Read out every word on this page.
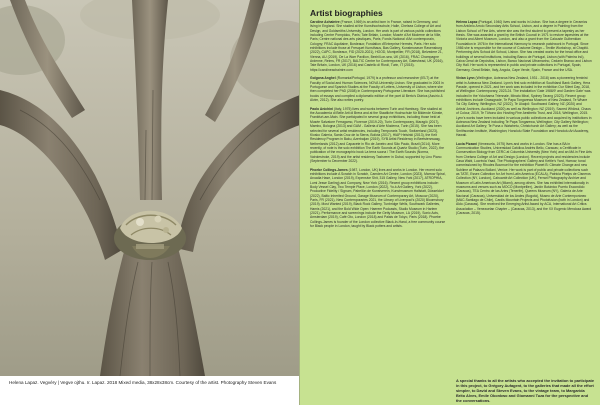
Helena Lapaz. Vegvéry | Vegve ojthu. Ir. Lapaz. 2018 Mixed media, 38x28x38cm. Courtesy of the artist. Photography Steven Evans
Artist biographies

Caroline Achaintre (France, 1969) is an artist born in France, raised in Germany, and living in England. She studied at the Kunsthochschule, Halle, Chelsea College of Art and Design, and Goldsmiths University, London. Her work is part of various public collections including Centre Pompidou, Paris; Tate Britain, London; Musée d'Art Moderne de la Ville, Paris; Centre national des arts plastiques, Paris; Fonds National d'Art contemporain, Cologny; FRAC Aquitaine, Bordeaux; Fondation d'Entreprise Hermès, Paris. Her solo exhibitions include those at Fresquet Kunsthaus, Bas Gallery, Kunstmuseum Ravensburg (2022), CAPC, Bordeaux, FID (2020-2021), HOOD, Montpellier, FR (2018), Belvedere 21, Vienna, AU (2019), De La Warr Pavilion, Bexhill-on-sea, UK (2016), FRAC Champagne Ardenne, Reims, FR (2017), BALTIC Centre for Contemporary Art, Gateshead, UK (2016), Tate Britain, London, UK (2016) and Castello di Rivoli, Turin, IT (2015). https://carolineachaintre.com

Golgona Anghel (Romania/Portugal, 1979) is a professor and researcher (IELT) at the Faculty of Social and Human Sciences, NOVA University Lisbon. She graduated in 2003 in Portuguese and Spanish Studies at the Faculty of Letters, University of Lisbon, where she then completed her PhD (2008) in Contemporary Portuguese Literature. She has published books of essays and compiled a diplomatic edition of the poet Al Berto's Diários (Assírio & Alvim, 2012). She also writes poetry.

Paolo Anichini (Italy, 1975) lives and works between Turin and Hamburg. She studied at the Accademia di Belle Arti di Brera and at the Staatliche Hochschule für Bildende Künste, Frankfurt-am-Main. She participated in several group exhibitions, including those held at Musée Salvatore Ferragamo, Florence (2019-20), Turin Contemporary, Maragiò (2017), Mambo, Bologna (2013) and GAM - Galleria d'Arte Moderna, Turin (2015). She has been selected for several artist residencies, including Temporaris Touch, Switzerland (2023), Kiosko Galería, Santa Cruz de la Sierra, Bolivia (2017), HIAP Helsinki (2013), the Kelt Residency Program in Baku, Azerbaijan (2019), SYB Artist Residency in Beetsterzwaag, Netherlands (2012) and Capacete in Rio de Janeiro and São Paulo, Brazil (2014). More recently, of note is the solo exhibition The Earth Sounds at Quartz Studio (Turin, 2022), the publication of the monographic book La terra suona / The Earth Sounds (Norma, Vairolestroke, 2019) and the artist residency Tashweer in Dubai, supported by Lino Piano (September to December 2022).

Phoebe Collings-James (1987, London, UK) lives and works in London. Her recent solo exhibitions include A Scratch in Scratch, Camden Art Centre, London (2023), Marrow Spiral, Arcadia Hase, London (2019), Expensive Shit, 315 Gallery, New York (2017), ATROPHIA, Lumi Jesse Darling) and Company, New York (2016). Recent group exhibitions include: Body Vessel Clay, Two Temple Place, London (2022), Yo-k Art Gallery, York (2022), Productive Fidelity / Signum, Pabellón de Kunstverein, Kunstmuseum Hallstatt, Düsseldorf (2022), Baltic Inherited Ground, Garage Museum of Contemporary Art, Moscow (2020), Paris, FR (2021), New Contemporaries 2021, the Library of Liverpool's (2020) Bloomsbury (2019). Most Wanted (2019), Black Rock Gallery, Tunbridge Wells, Southwark Galleries, Hamis (2021), and the Bold Wide Open: Haerem Podcasts, Studio Museum in Harlem (2021). Performance and screenings include the Getty Museum, LA (2019), Sonic Acts, Amsterdam (2019), Café Oto, London (2018) and Palais de Tokyo, Paris (2018). Phoebe Collings-James is founder of the London collective Black-In-Hand, a free community course for Black people in London, taught by Black potters and artists.

Helena Lapaz (Portugal, 1940) lives and works in Lisbon. She has a degree in Ceramics from Antônio Arroio Secondary Artis School, Lisbon, and a degree in Painting from the Lisbon School of Fine Arts, where she was the first student to present a tapestry as her thesis. She was awarded a grant by the British Council in 1971 to restore tapestries at the Victoria and Albert Museum, London, and also a grant from the Calouste Gulbenkian Foundation in 1976 in the International Harmony to research patchwork in Portugal. Since 1986 she is responsible for the course of Costume Design – Textile Workshop, at Chapitô. Performing Arts School Art School, Lisbon. She has created works for the head office and buildings of several institutions, including Banco de Portugal, Lisbon (with Palmira Inô), Caixa Geral de Depósitos, Lisbon, Banco Nacional Ultramarino, Cedarin Branco and Lisbon City Hall. Her work is represented in public and private collections in Portugal, Spain, Germany, Great Britain, Italy, Angola, Cape Verde, Spain, France and the USA.

Vivian Lynn (Wellington, Aotearoa New Zealand, 1931 - 2018) was a pioneering feminist artist in Aotearoa New Zealand. Lynn's first solo exhibition at Southland Bank Gallery, Hera Parade, opened in 2021, and her work was included in the exhibition Our Silent Day, 2018, at Wellington Contemporary, 2023-24. The installation 'Gate 1988/9' and Garden Gate' was included in the Yokohama Triennale, Minato Mirai, Sydney Tarang (2023). Recent group exhibitions include Grassgrade, Te Papa Tongarewa Museum of New Zealand, Te Whare Toi City Gallery, Wellington, NZ (2022), Te Ukaipō: Southward Gallery, NZ (2020) and Artists' Archives, Auckland (2020) as well as Wellington: NZ (2019), Sacred Whānui, Chaos of Colour, 2019, Te Tūhono Aro Hosting Fine Aesthetic Trust, and 2018, Wellington, 2015. Lynn's works have been included in various public collections and acquired by institutions in Aotearoa New Zealand including Te Papa Tongarewa, Wellington; City Gallery Wellington; Auckland Art Gallery; Te Puna o Waiwhetu, Christchurch Art Gallery; as well as the Smithsonian Institute, Washington; Honolulu State Foundation and Honolulu Art Academy, Hawaii.

Lucia Pizzani (Venezuela, 1975) lives and works in London. She has a BA in Communication Studies, Universidad Católica Andrés Bello, Caracas; a Certificate in Conservation Biology from CERC at Columbia University (New York) and an MA in Fine Arts from Chelsea College of Art and Design (London). Recent projects and residencies include Casa Wabi, Lucrécia Yaad, The Photographers' Gallery and Kettle's Yard, Harrow; tonal commissioned by Rhodes Bournuel for the exhibition Planet B: Climate Change and new Sublime at Palazzo Bollani, Venice. Her work is part of public and private collections such as TATE, Essex Collection for Art from Latin America (ECALA), Patricia Phelps de Cisneros Collection (NY, London), Cahuanté Art Collection (UK), Ferrari Photography Archive and Museum of Latin American Art (Miami), among others. She has exhibited internationally in museums and venues such as MOCO (Montpellier), Jardín Botánico Puerto Escondido (Caracas), TEA Centro de las Artes (Tenerife), Queens Museum (NY), Galería de Arte Nacional (Caracas), Universidad de los Andes (Bogotá), Museo de Arte Contemporáneo (MAC-Santiago de Chile), Cardis Mountain Projects and Photofusion (both in London) and Aldo (Caracas). She received the Emerging Artist Award by ACA, International Art Critics Association – Venezuelan Chapter – (Caracas, 2013), and the XX Eugenio Mendoza Award (Caracas, 2015).

A special thanks to all the artists who accepted the invitation to participate in this project, to Grégory Aufagent, to the galleries that made all the effort simpler, to David and Steven Evans, to the vintage team, to Margarida Brito Alves, Emile Okonkwo and Giomanni Tuza for the perspective and the conversations.
